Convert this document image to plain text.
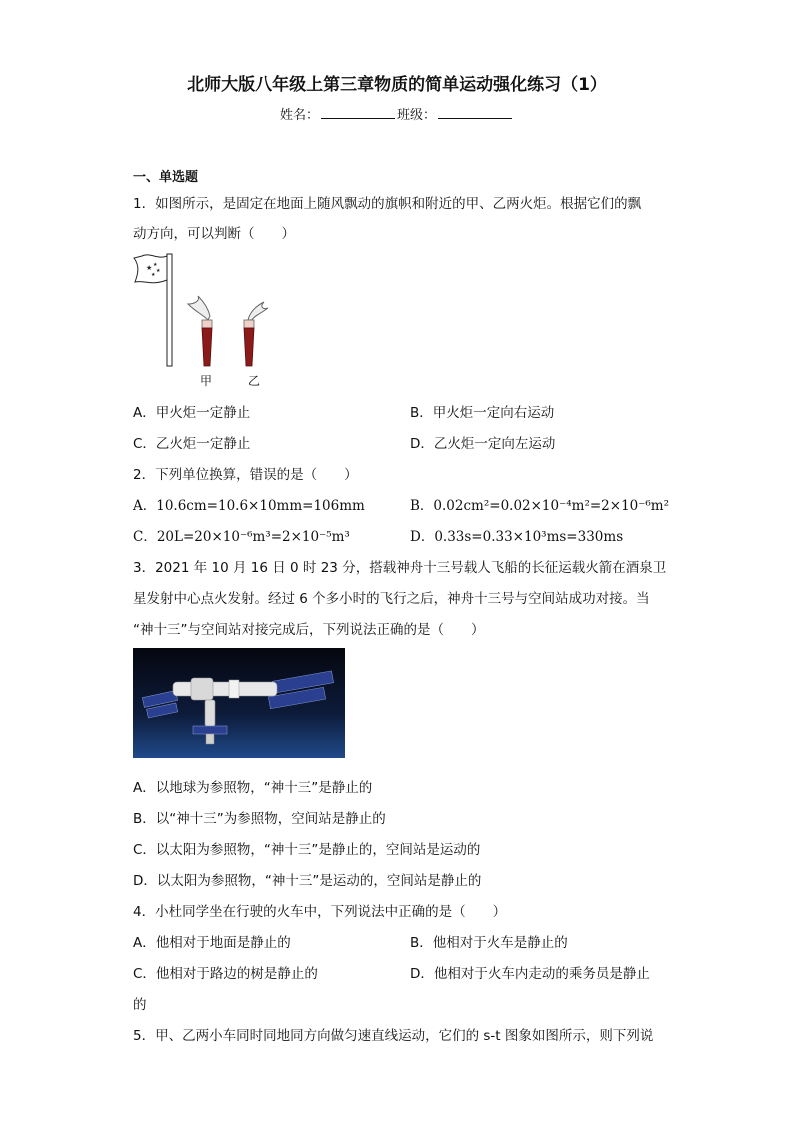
北师大版八年级上第三章物质的简单运动强化练习（1）
姓名：	班级：
一、单选题
1．如图所示，是固定在地面上随风飘动的旗帜和附近的甲、乙两火炬。根据它们的飘
动方向，可以判断（　　）
★ ★
★
★
甲	乙
A．甲火炬一定静止	B．甲火炬一定向右运动
C．乙火炬一定静止	D．乙火炬一定向左运动
2．下列单位换算，错误的是（　　）
A．10.6cm=10.6×10mm=106mm	B．0.02cm²=0.02×10⁻⁴m²=2×10⁻⁶m²
C．20L=20×10⁻⁶m³=2×10⁻⁵m³	D．0.33s=0.33×10³ms=330ms
3．2021 年 10 月 16 日 0 时 23 分，搭载神舟十三号载人飞船的长征运载火箭在酒泉卫
星发射中心点火发射。经过 6 个多小时的飞行之后，神舟十三号与空间站成功对接。当
“神十三”与空间站对接完成后，下列说法正确的是（　　）
A．以地球为参照物，“神十三”是静止的
B．以“神十三”为参照物，空间站是静止的
C．以太阳为参照物，“神十三”是静止的，空间站是运动的
D．以太阳为参照物，“神十三”是运动的，空间站是静止的
4．小杜同学坐在行驶的火车中，下列说法中正确的是（　　）
A．他相对于地面是静止的	B．他相对于火车是静止的
C．他相对于路边的树是静止的	D．他相对于火车内走动的乘务员是静止
的
5．甲、乙两小车同时同地同方向做匀速直线运动，它们的 s-t 图象如图所示，则下列说
